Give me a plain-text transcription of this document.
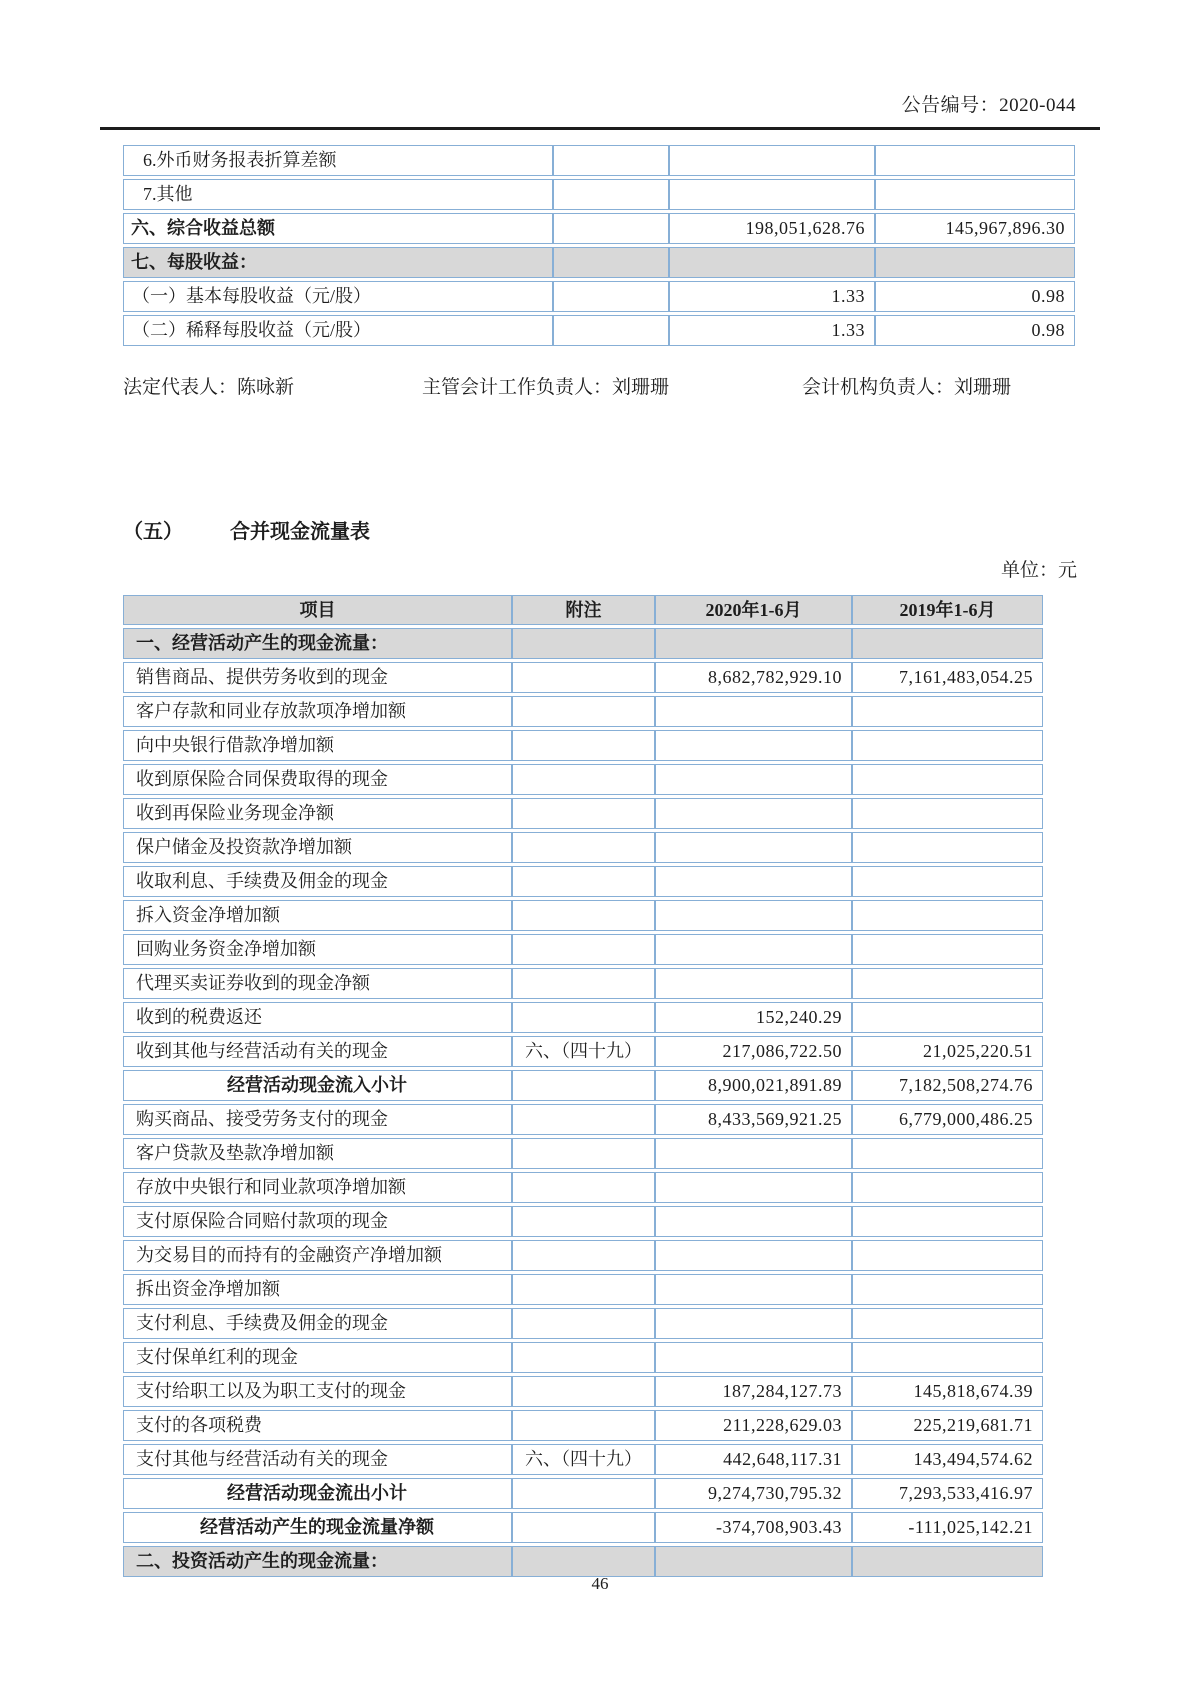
公告编号：2020-044
6.外币财务报表折算差额			
7.其他			
六、综合收益总额		198,051,628.76	145,967,896.30
七、每股收益：			
（一）基本每股收益（元/股）		1.33	0.98
（二）稀释每股收益（元/股）		1.33	0.98
法定代表人：陈咏新	主管会计工作负责人：刘珊珊	会计机构负责人：刘珊珊
（五） 合并现金流量表
单位：元
项目	附注	2020年1-6月	2019年1-6月
一、经营活动产生的现金流量：			
销售商品、提供劳务收到的现金		8,682,782,929.10	7,161,483,054.25
客户存款和同业存放款项净增加额			
向中央银行借款净增加额			
收到原保险合同保费取得的现金			
收到再保险业务现金净额			
保户储金及投资款净增加额			
收取利息、手续费及佣金的现金			
拆入资金净增加额			
回购业务资金净增加额			
代理买卖证券收到的现金净额			
收到的税费返还		152,240.29	
收到其他与经营活动有关的现金	六、（四十九）	217,086,722.50	21,025,220.51
经营活动现金流入小计		8,900,021,891.89	7,182,508,274.76
购买商品、接受劳务支付的现金		8,433,569,921.25	6,779,000,486.25
客户贷款及垫款净增加额			
存放中央银行和同业款项净增加额			
支付原保险合同赔付款项的现金			
为交易目的而持有的金融资产净增加额			
拆出资金净增加额			
支付利息、手续费及佣金的现金			
支付保单红利的现金			
支付给职工以及为职工支付的现金		187,284,127.73	145,818,674.39
支付的各项税费		211,228,629.03	225,219,681.71
支付其他与经营活动有关的现金	六、（四十九）	442,648,117.31	143,494,574.62
经营活动现金流出小计		9,274,730,795.32	7,293,533,416.97
经营活动产生的现金流量净额		-374,708,903.43	-111,025,142.21
二、投资活动产生的现金流量：			
46
